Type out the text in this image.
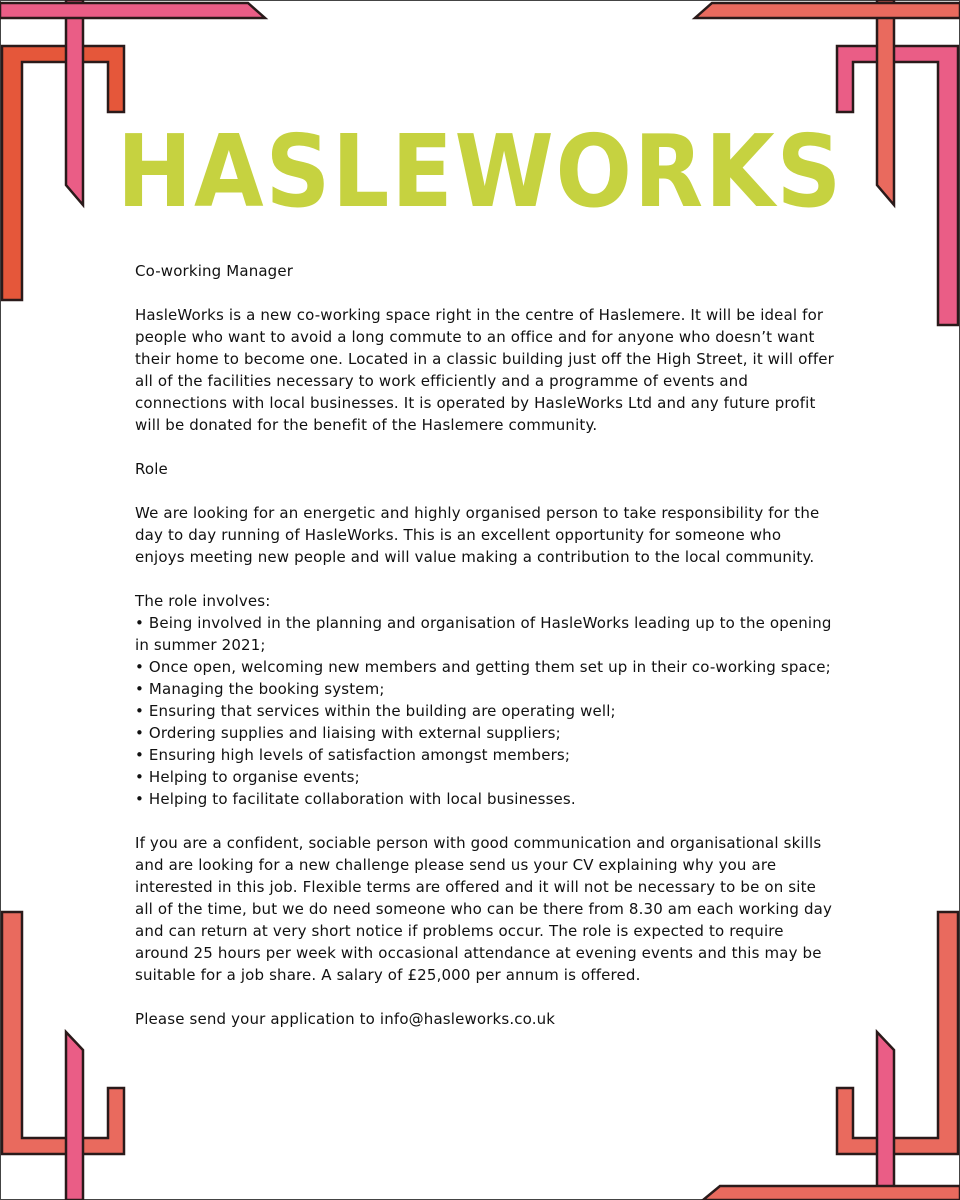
HASLEWORKS

Co-working Manager

HasleWorks is a new co-working space right in the centre of Haslemere. It will be ideal for people who want to avoid a long commute to an office and for anyone who doesn’t want their home to become one. Located in a classic building just off the High Street, it will offer all of the facilities necessary to work efficiently and a programme of events and connections with local businesses. It is operated by HasleWorks Ltd and any future profit will be donated for the benefit of the Haslemere community.

Role

We are looking for an energetic and highly organised person to take responsibility for the day to day running of HasleWorks. This is an excellent opportunity for someone who enjoys meeting new people and will value making a contribution to the local community.

The role involves:

• Being involved in the planning and organisation of HasleWorks leading up to the opening in summer 2021;
• Once open, welcoming new members and getting them set up in their co-working space;
• Managing the booking system;
• Ensuring that services within the building are operating well;
• Ordering supplies and liaising with external suppliers;
• Ensuring high levels of satisfaction amongst members;
• Helping to organise events;
• Helping to facilitate collaboration with local businesses.

If you are a confident, sociable person with good communication and organisational skills and are looking for a new challenge please send us your CV explaining why you are interested in this job. Flexible terms are offered and it will not be necessary to be on site all of the time, but we do need someone who can be there from 8.30 am each working day and can return at very short notice if problems occur. The role is expected to require around 25 hours per week with occasional attendance at evening events and this may be suitable for a job share. A salary of £25,000 per annum is offered.

Please send your application to info@hasleworks.co.uk
